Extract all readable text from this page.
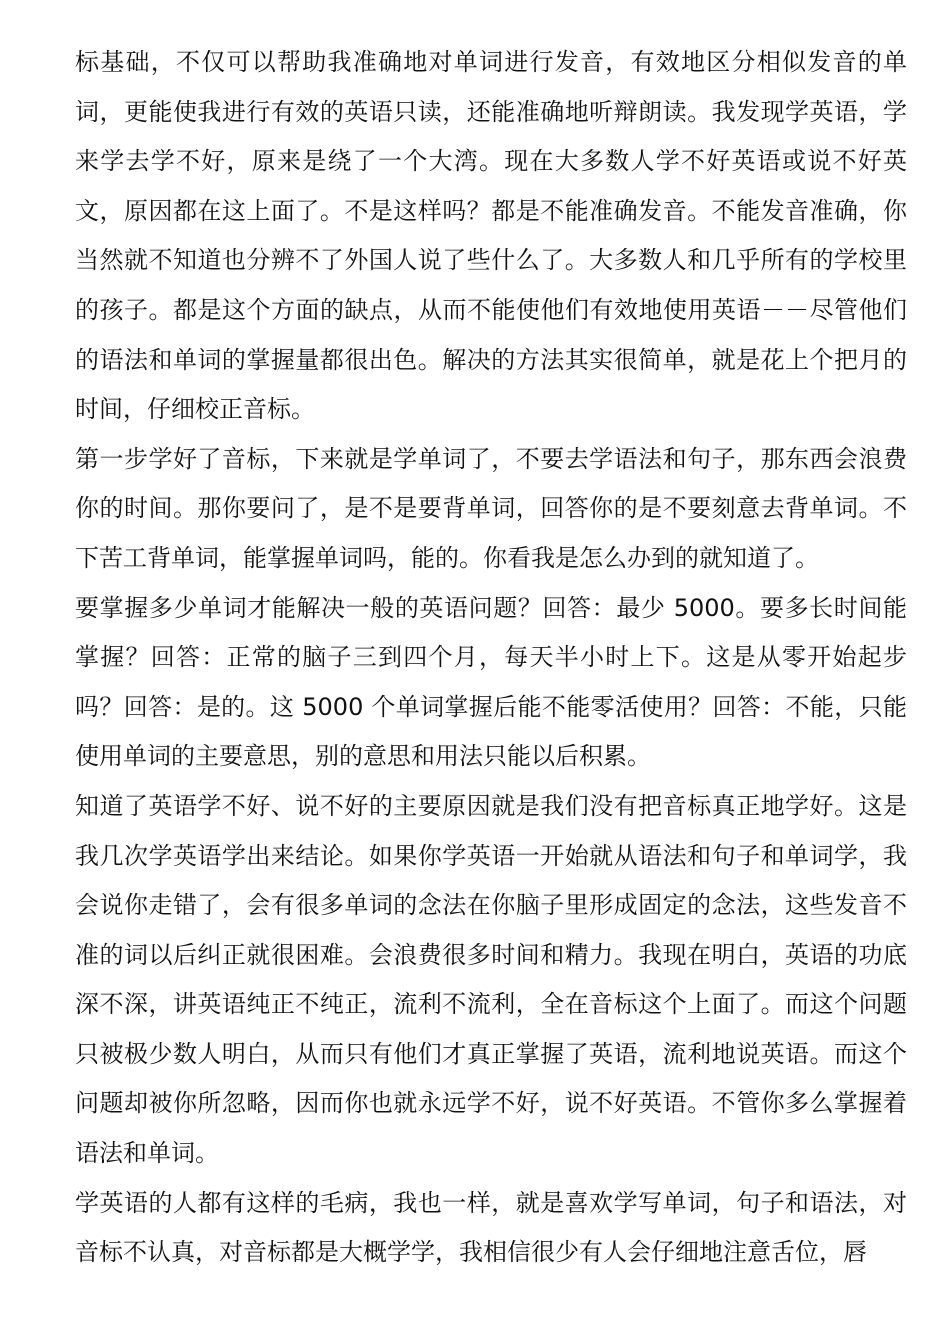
标基础，不仅可以帮助我准确地对单词进行发音，有效地区分相似发音的单词，更能使我进行有效的英语只读，还能准确地听辩朗读。我发现学英语，学来学去学不好，原来是绕了一个大湾。现在大多数人学不好英语或说不好英文，原因都在这上面了。不是这样吗？都是不能准确发音。不能发音准确，你当然就不知道也分辨不了外国人说了些什么了。大多数人和几乎所有的学校里的孩子。都是这个方面的缺点，从而不能使他们有效地使用英语－－尽管他们的语法和单词的掌握量都很出色。解决的方法其实很简单，就是花上个把月的时间，仔细校正音标。

第一步学好了音标，下来就是学单词了，不要去学语法和句子，那东西会浪费你的时间。那你要问了，是不是要背单词，回答你的是不要刻意去背单词。不下苦工背单词，能掌握单词吗，能的。你看我是怎么办到的就知道了。

要掌握多少单词才能解决一般的英语问题？回答：最少 5000。要多长时间能掌握？回答：正常的脑子三到四个月，每天半小时上下。这是从零开始起步吗？回答：是的。这 5000 个单词掌握后能不能零活使用？回答：不能，只能使用单词的主要意思，别的意思和用法只能以后积累。

知道了英语学不好、说不好的主要原因就是我们没有把音标真正地学好。这是我几次学英语学出来结论。如果你学英语一开始就从语法和句子和单词学，我会说你走错了，会有很多单词的念法在你脑子里形成固定的念法，这些发音不准的词以后纠正就很困难。会浪费很多时间和精力。我现在明白，英语的功底深不深，讲英语纯正不纯正，流利不流利，全在音标这个上面了。而这个问题只被极少数人明白，从而只有他们才真正掌握了英语，流利地说英语。而这个问题却被你所忽略，因而你也就永远学不好，说不好英语。不管你多么掌握着语法和单词。

学英语的人都有这样的毛病，我也一样，就是喜欢学写单词，句子和语法，对音标不认真，对音标都是大概学学，我相信很少有人会仔细地注意舌位，唇
